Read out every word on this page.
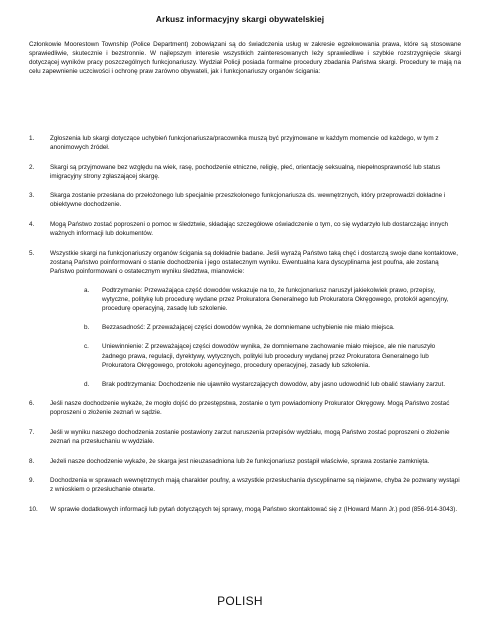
Arkusz informacyjny skargi obywatelskiej
Członkowie Moorestown Township (Police Department) zobowiązani są do świadczenia usług w zakresie egzekwowania prawa, które są stosowane sprawiedliwie, skutecznie i bezstronnie. W najlepszym interesie wszystkich zainteresowanych leży sprawiedliwe i szybkie rozstrzygnięcie skargi dotyczącej wyników pracy poszczególnych funkcjonariuszy. Wydział Policji posiada formalne procedury zbadania Państwa skargi. Procedury te mają na celu zapewnienie uczciwości i ochronę praw zarówno obywateli, jak i funkcjonariuszy organów ścigania:
1. Zgłoszenia lub skargi dotyczące uchybień funkcjonariusza/pracownika muszą być przyjmowane w każdym momencie od każdego, w tym z anonimowych źródeł.
2. Skargi są przyjmowane bez względu na wiek, rasę, pochodzenie etniczne, religię, płeć, orientację seksualną, niepełnosprawność lub status imigracyjny strony zgłaszającej skargę.
3. Skarga zostanie przesłana do przełożonego lub specjalnie przeszkolonego funkcjonariusza ds. wewnętrznych, który przeprowadzi dokładne i obiektywne dochodzenie.
4. Mogą Państwo zostać poproszeni o pomoc w śledztwie, składając szczegółowe oświadczenie o tym, co się wydarzyło lub dostarczając innych ważnych informacji lub dokumentów.
5. Wszystkie skargi na funkcjonariuszy organów ścigania są dokładnie badane. Jeśli wyrażą Państwo taką chęć i dostarczą swoje dane kontaktowe, zostaną Państwo poinformowani o stanie dochodzenia i jego ostatecznym wyniku. Ewentualna kara dyscyplinarna jest poufna, ale zostaną Państwo poinformowani o ostatecznym wyniku śledztwa, mianowicie:
a. Podtrzymanie: Przeważająca część dowodów wskazuje na to, że funkcjonariusz naruszył jakiekolwiek prawo, przepisy, wytyczne, politykę lub procedurę wydane przez Prokuratora Generalnego lub Prokuratora Okręgowego, protokół agencyjny, procedurę operacyjną, zasadę lub szkolenie.
b. Bezzasadność: Z przeważającej części dowodów wynika, że domniemane uchybienie nie miało miejsca.
c. Uniewinnienie: Z przeważającej części dowodów wynika, że domniemane zachowanie miało miejsce, ale nie naruszyło żadnego prawa, regulacji, dyrektywy, wytycznych, polityki lub procedury wydanej przez Prokuratora Generalnego lub Prokuratora Okręgowego, protokołu agencyjnego, procedury operacyjnej, zasady lub szkolenia.
d. Brak podtrzymania: Dochodzenie nie ujawniło wystarczających dowodów, aby jasno udowodnić lub obalić stawiany zarzut.
6. Jeśli nasze dochodzenie wykaże, że mogło dojść do przestępstwa, zostanie o tym powiadomiony Prokurator Okręgowy. Mogą Państwo zostać poproszeni o złożenie zeznań w sądzie.
7. Jeśli w wyniku naszego dochodzenia zostanie postawiony zarzut naruszenia przepisów wydziału, mogą Państwo zostać poproszeni o złożenie zeznań na przesłuchaniu w wydziale.
8. Jeżeli nasze dochodzenie wykaże, że skarga jest nieuzasadniona lub że funkcjonariusz postąpił właściwie, sprawa zostanie zamknięta.
9. Dochodzenia w sprawach wewnętrznych mają charakter poufny, a wszystkie przesłuchania dyscyplinarne są niejawne, chyba że pozwany wystąpi z wnioskiem o przesłuchanie otwarte.
10. W sprawie dodatkowych informacji lub pytań dotyczących tej sprawy, mogą Państwo skontaktować się z (IHoward Mann Jr.) pod (856-914-3043).
POLISH
